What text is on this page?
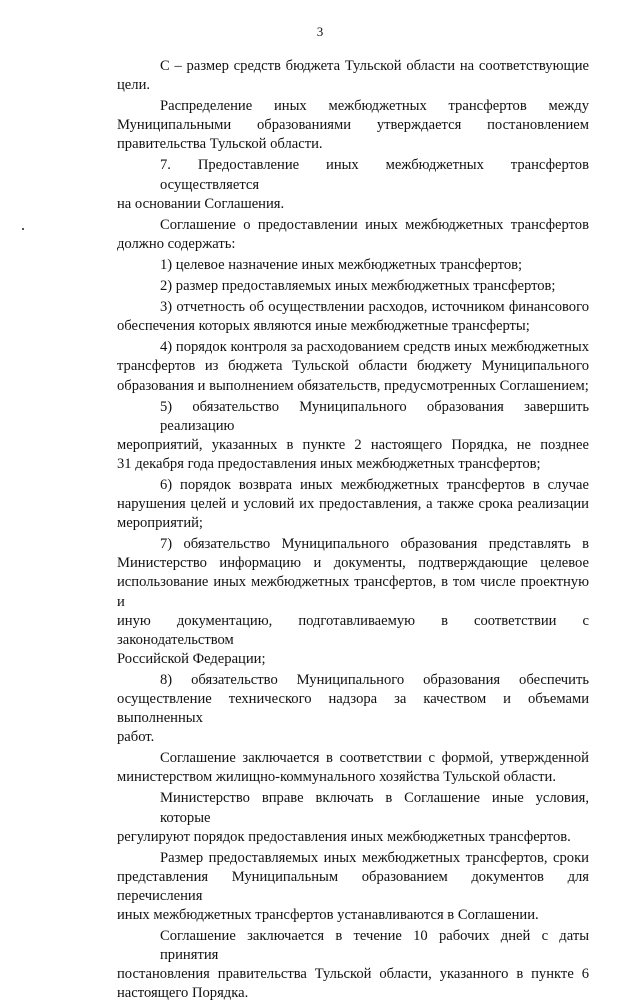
3

С – размер средств бюджета Тульской области на соответствующие
цели.

Распределение иных межбюджетных трансфертов между
Муниципальными образованиями утверждается постановлением
правительства Тульской области.

7. Предоставление иных межбюджетных трансфертов осуществляется
на основании Соглашения.

Соглашение о предоставлении иных межбюджетных трансфертов
должно содержать:

1) целевое назначение иных межбюджетных трансфертов;

2) размер предоставляемых иных межбюджетных трансфертов;

3) отчетность об осуществлении расходов, источником финансового
обеспечения которых являются иные межбюджетные трансферты;

4) порядок контроля за расходованием средств иных межбюджетных
трансфертов из бюджета Тульской области бюджету Муниципального
образования и выполнением обязательств, предусмотренных Соглашением;

5) обязательство Муниципального образования завершить реализацию
мероприятий, указанных в пункте 2 настоящего Порядка, не позднее
31 декабря года предоставления иных межбюджетных трансфертов;

6) порядок возврата иных межбюджетных трансфертов в случае
нарушения целей и условий их предоставления, а также срока реализации
мероприятий;

7) обязательство Муниципального образования представлять в
Министерство информацию и документы, подтверждающие целевое
использование иных межбюджетных трансфертов, в том числе проектную и
иную документацию, подготавливаемую в соответствии с законодательством
Российской Федерации;

8) обязательство Муниципального образования обеспечить
осуществление технического надзора за качеством и объемами выполненных
работ.

Соглашение заключается в соответствии с формой, утвержденной
министерством жилищно-коммунального хозяйства Тульской области.

Министерство вправе включать в Соглашение иные условия, которые
регулируют порядок предоставления иных межбюджетных трансфертов.

Размер предоставляемых иных межбюджетных трансфертов, сроки
представления Муниципальным образованием документов для перечисления
иных межбюджетных трансфертов устанавливаются в Соглашении.

Соглашение заключается в течение 10 рабочих дней с даты принятия
постановления правительства Тульской области, указанного в пункте 6
настоящего Порядка.
